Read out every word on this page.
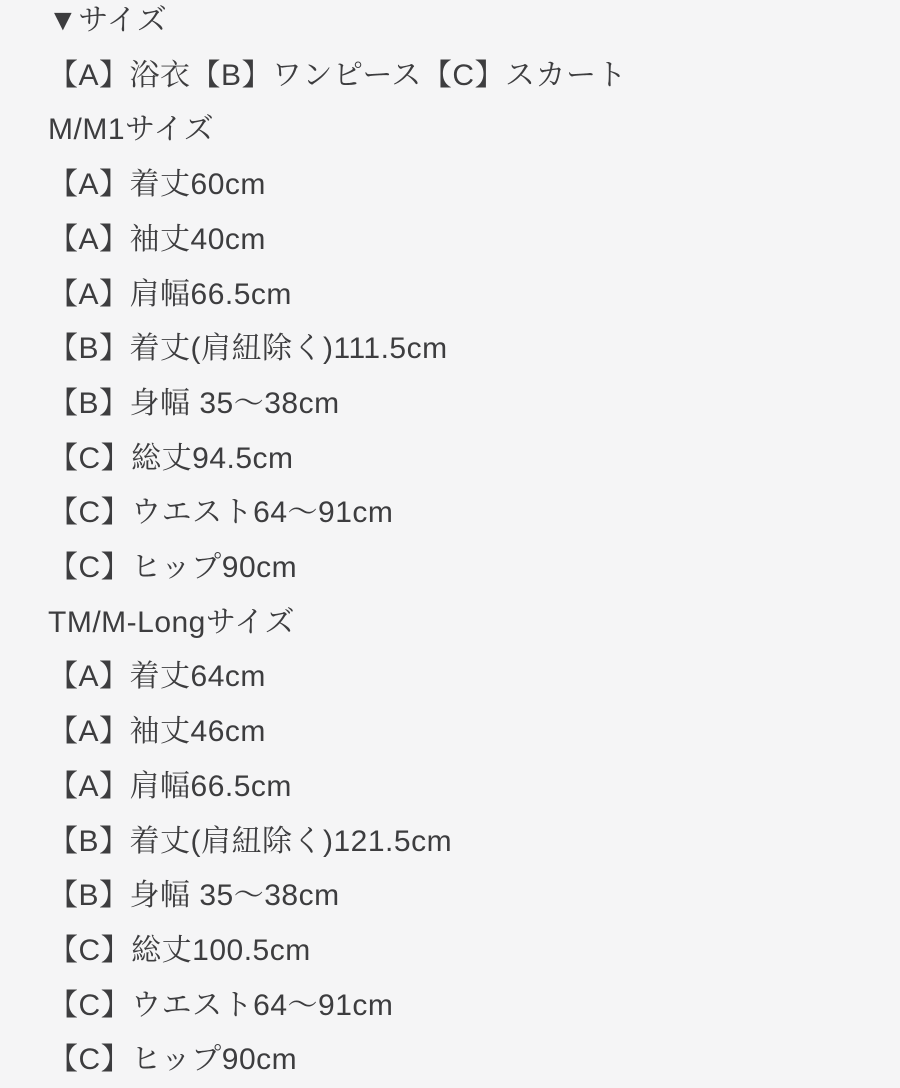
▼サイズ
【A】浴衣【B】ワンピース【C】スカート
M/M1サイズ
【A】着丈60cm
【A】袖丈40cm
【A】肩幅66.5cm
【B】着丈(肩紐除く)111.5cm
【B】身幅 35〜38cm
【C】総丈94.5cm
【C】ウエスト64〜91cm
【C】ヒップ90cm
TM/M-Longサイズ
【A】着丈64cm
【A】袖丈46cm
【A】肩幅66.5cm
【B】着丈(肩紐除く)121.5cm
【B】身幅 35〜38cm
【C】総丈100.5cm
【C】ウエスト64〜91cm
【C】ヒップ90cm
